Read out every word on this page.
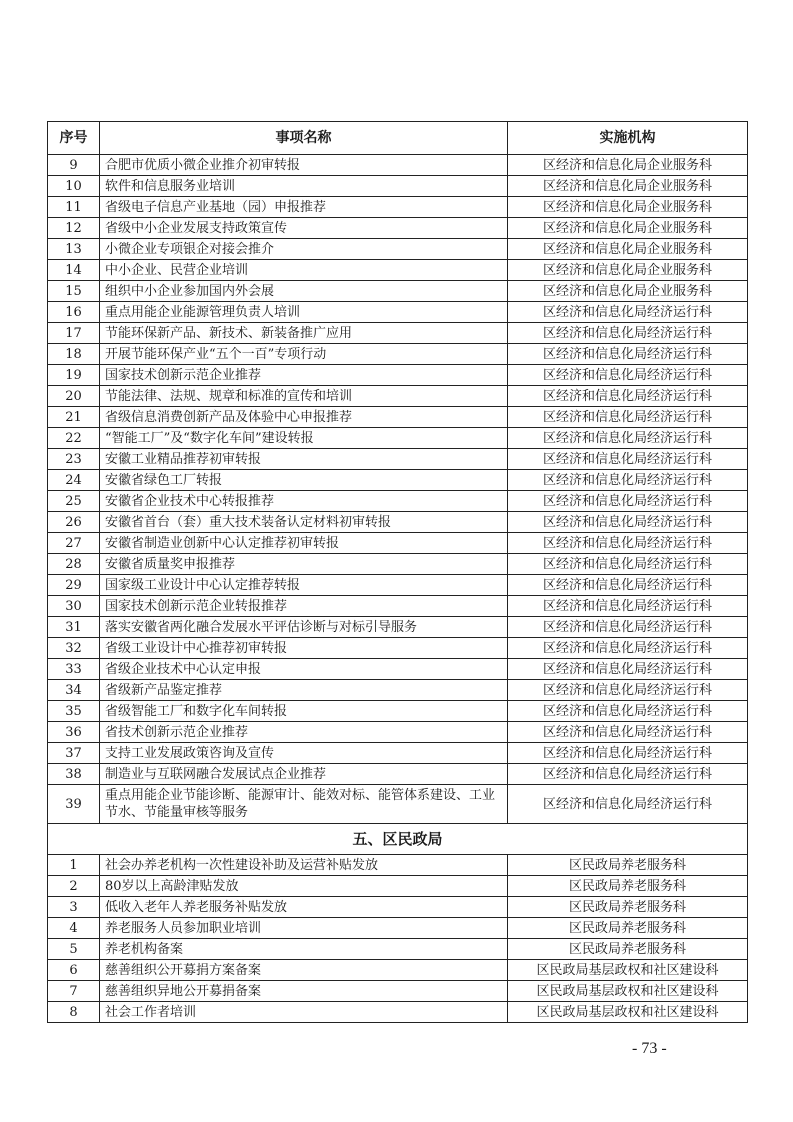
序号	事项名称	实施机构
9	合肥市优质小微企业推介初审转报	区经济和信息化局企业服务科
10	软件和信息服务业培训	区经济和信息化局企业服务科
11	省级电子信息产业基地（园）申报推荐	区经济和信息化局企业服务科
12	省级中小企业发展支持政策宣传	区经济和信息化局企业服务科
13	小微企业专项银企对接会推介	区经济和信息化局企业服务科
14	中小企业、民营企业培训	区经济和信息化局企业服务科
15	组织中小企业参加国内外会展	区经济和信息化局企业服务科
16	重点用能企业能源管理负责人培训	区经济和信息化局经济运行科
17	节能环保新产品、新技术、新装备推广应用	区经济和信息化局经济运行科
18	开展节能环保产业“五个一百”专项行动	区经济和信息化局经济运行科
19	国家技术创新示范企业推荐	区经济和信息化局经济运行科
20	节能法律、法规、规章和标准的宣传和培训	区经济和信息化局经济运行科
21	省级信息消费创新产品及体验中心申报推荐	区经济和信息化局经济运行科
22	“智能工厂”及“数字化车间”建设转报	区经济和信息化局经济运行科
23	安徽工业精品推荐初审转报	区经济和信息化局经济运行科
24	安徽省绿色工厂转报	区经济和信息化局经济运行科
25	安徽省企业技术中心转报推荐	区经济和信息化局经济运行科
26	安徽省首台（套）重大技术装备认定材料初审转报	区经济和信息化局经济运行科
27	安徽省制造业创新中心认定推荐初审转报	区经济和信息化局经济运行科
28	安徽省质量奖申报推荐	区经济和信息化局经济运行科
29	国家级工业设计中心认定推荐转报	区经济和信息化局经济运行科
30	国家技术创新示范企业转报推荐	区经济和信息化局经济运行科
31	落实安徽省两化融合发展水平评估诊断与对标引导服务	区经济和信息化局经济运行科
32	省级工业设计中心推荐初审转报	区经济和信息化局经济运行科
33	省级企业技术中心认定申报	区经济和信息化局经济运行科
34	省级新产品鉴定推荐	区经济和信息化局经济运行科
35	省级智能工厂和数字化车间转报	区经济和信息化局经济运行科
36	省技术创新示范企业推荐	区经济和信息化局经济运行科
37	支持工业发展政策咨询及宣传	区经济和信息化局经济运行科
38	制造业与互联网融合发展试点企业推荐	区经济和信息化局经济运行科
39	重点用能企业节能诊断、能源审计、能效对标、能管体系建设、工业节水、节能量审核等服务	区经济和信息化局经济运行科
五、区民政局		
1	社会办养老机构一次性建设补助及运营补贴发放	区民政局养老服务科
2	80岁以上高龄津贴发放	区民政局养老服务科
3	低收入老年人养老服务补贴发放	区民政局养老服务科
4	养老服务人员参加职业培训	区民政局养老服务科
5	养老机构备案	区民政局养老服务科
6	慈善组织公开募捐方案备案	区民政局基层政权和社区建设科
7	慈善组织异地公开募捐备案	区民政局基层政权和社区建设科
8	社会工作者培训	区民政局基层政权和社区建设科
- 73 -
